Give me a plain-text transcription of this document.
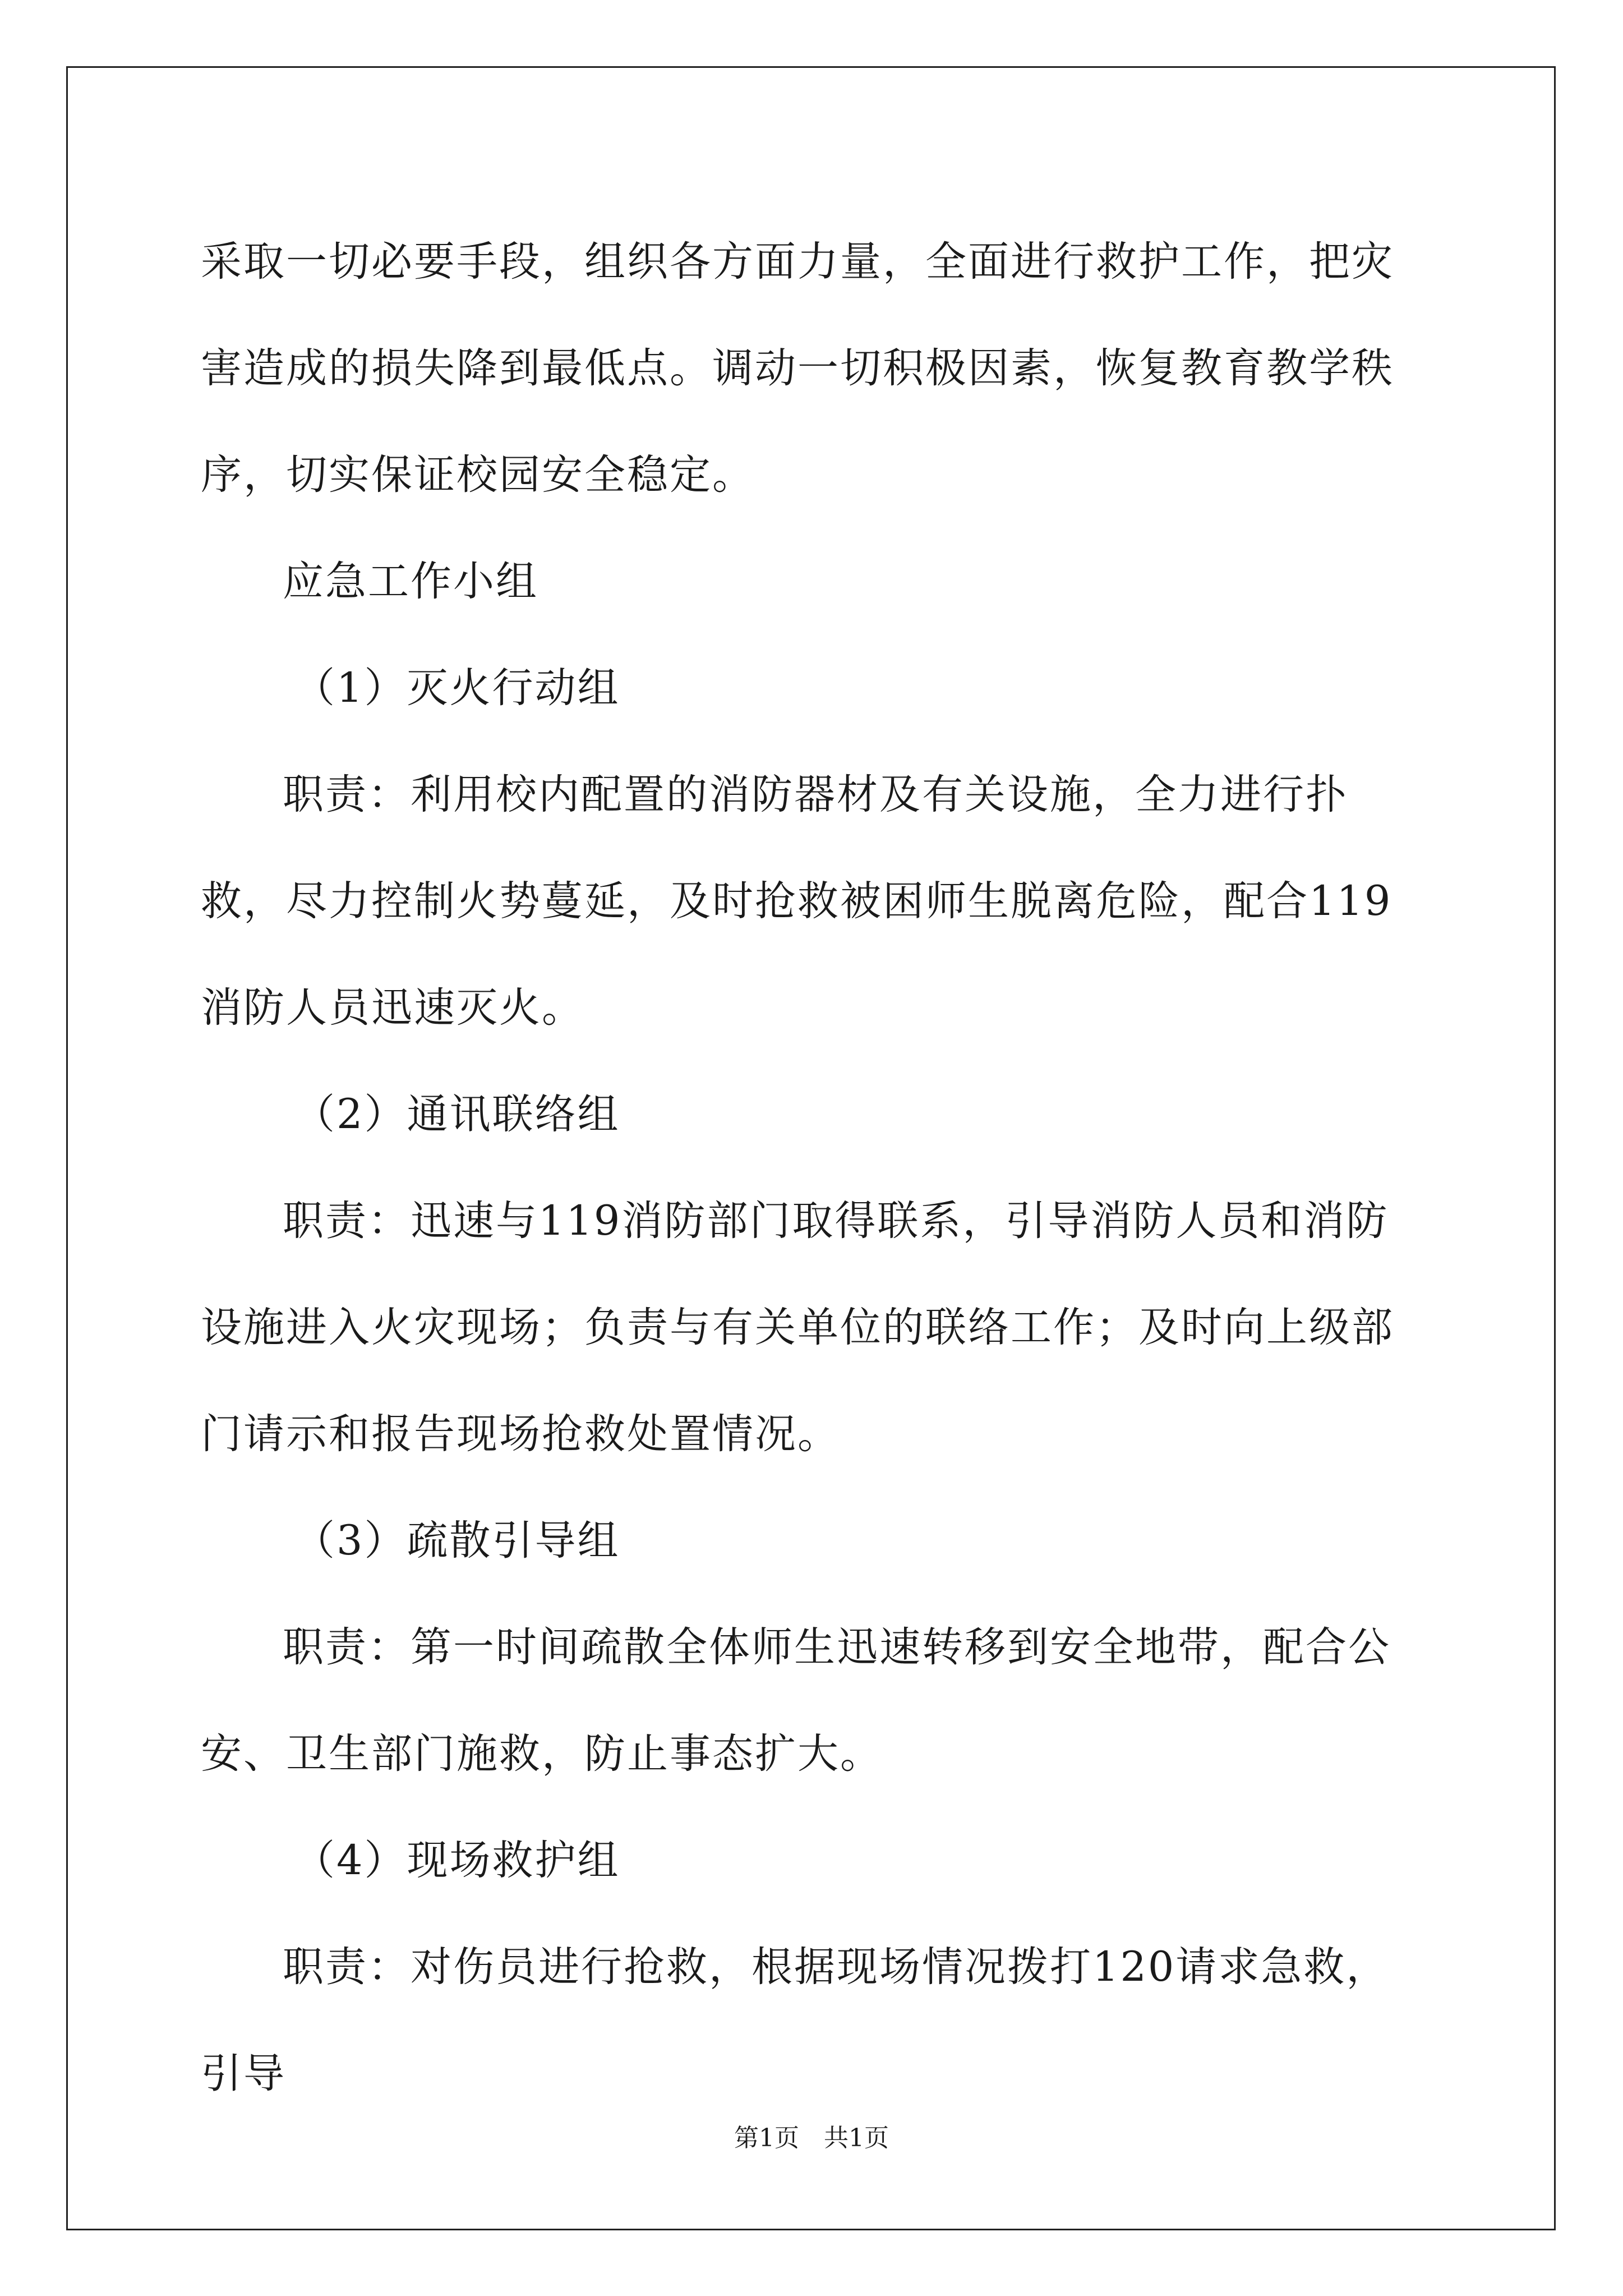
采取一切必要手段，组织各方面力量，全面进行救护工作，把灾害造成的损失降到最低点。调动一切积极因素，恢复教育教学秩序，切实保证校园安全稳定。

应急工作小组

（1）灭火行动组

职责：利用校内配置的消防器材及有关设施，全力进行扑救，尽力控制火势蔓延，及时抢救被困师生脱离危险，配合119消防人员迅速灭火。

（2）通讯联络组

职责：迅速与119消防部门取得联系，引导消防人员和消防设施进入火灾现场；负责与有关单位的联络工作；及时向上级部门请示和报告现场抢救处置情况。

（3）疏散引导组

职责：第一时间疏散全体师生迅速转移到安全地带，配合公安、卫生部门施救，防止事态扩大。

（4）现场救护组

职责：对伤员进行抢救，根据现场情况拨打120请求急救，引导

第1页　共1页
